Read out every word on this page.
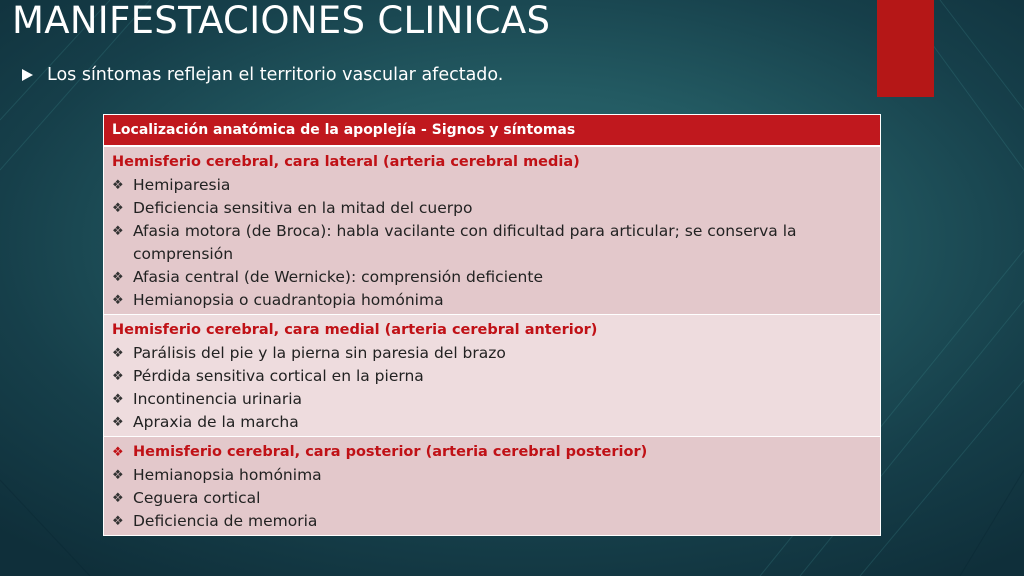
MANIFESTACIONES CLINICAS
Los síntomas reflejan el territorio vascular afectado.
Localización anatómica de la apoplejía - Signos y síntomas
Hemisferio cerebral, cara lateral (arteria cerebral media)
❖ Hemiparesia
❖ Deficiencia sensitiva en la mitad del cuerpo
❖ Afasia motora (de Broca): habla vacilante con dificultad para articular; se conserva la comprensión
❖ Afasia central (de Wernicke): comprensión deficiente
❖ Hemianopsia o cuadrantopia homónima
Hemisferio cerebral, cara medial (arteria cerebral anterior)
❖ Parálisis del pie y la pierna sin paresia del brazo
❖ Pérdida sensitiva cortical en la pierna
❖ Incontinencia urinaria
❖ Apraxia de la marcha
❖ Hemisferio cerebral, cara posterior (arteria cerebral posterior)
❖ Hemianopsia homónima
❖ Ceguera cortical
❖ Deficiencia de memoria
